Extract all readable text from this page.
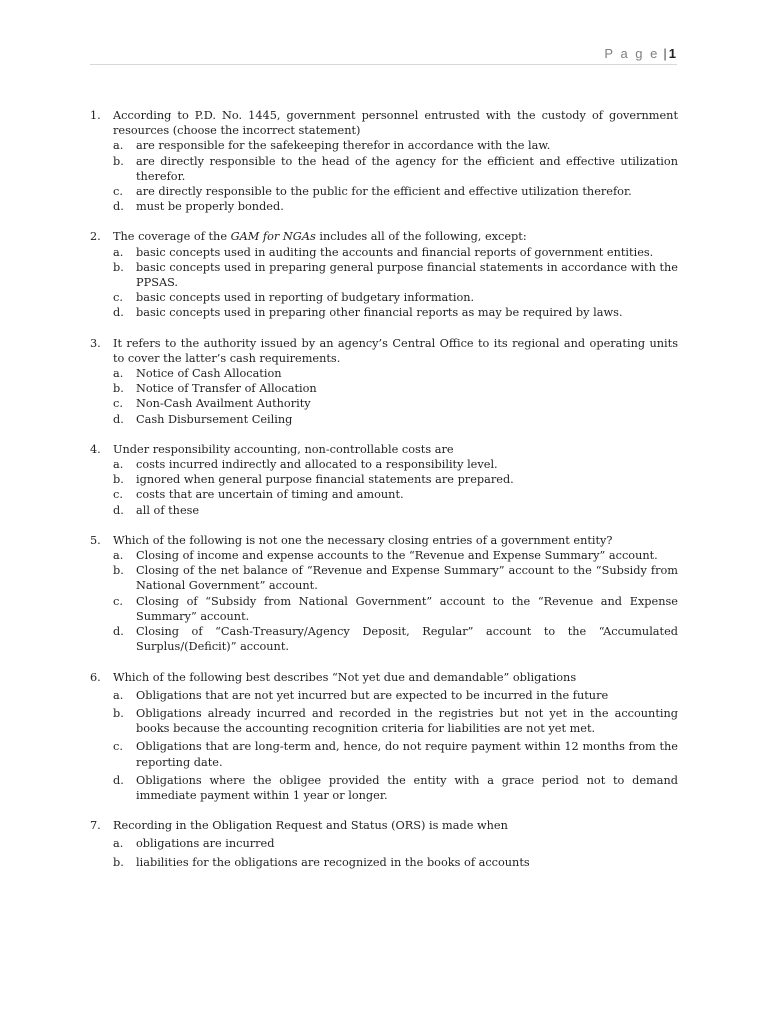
P a g e | 1
1.	According to P.D. No. 1445, government personnel entrusted with the custody of government resources (choose the incorrect statement)
a.	are responsible for the safekeeping therefor in accordance with the law.
b.	are directly responsible to the head of the agency for the efficient and effective utilization therefor.
c.	are directly responsible to the public for the efficient and effective utilization therefor.
d.	must be properly bonded.
2.	The coverage of the GAM for NGAs includes all of the following, except:
a.	basic concepts used in auditing the accounts and financial reports of government entities.
b.	basic concepts used in preparing general purpose financial statements in accordance with the PPSAS.
c.	basic concepts used in reporting of budgetary information.
d.	basic concepts used in preparing other financial reports as may be required by laws.
3.	It refers to the authority issued by an agency’s Central Office to its regional and operating units to cover the latter’s cash requirements.
a.	Notice of Cash Allocation
b.	Notice of Transfer of Allocation
c.	Non-Cash Availment Authority
d.	Cash Disbursement Ceiling
4.	Under responsibility accounting, non-controllable costs are
a.	costs incurred indirectly and allocated to a responsibility level.
b.	ignored when general purpose financial statements are prepared.
c.	costs that are uncertain of timing and amount.
d.	all of these
5.	Which of the following is not one the necessary closing entries of a government entity?
a.	Closing of income and expense accounts to the “Revenue and Expense Summary” account.
b.	Closing of the net balance of “Revenue and Expense Summary” account to the “Subsidy from National Government” account.
c.	Closing of “Subsidy from National Government” account to the “Revenue and Expense Summary” account.
d.	Closing of “Cash-Treasury/Agency Deposit, Regular” account to the “Accumulated Surplus/(Deficit)” account.
6.	Which of the following best describes “Not yet due and demandable” obligations
a.	Obligations that are not yet incurred but are expected to be incurred in the future
b.	Obligations already incurred and recorded in the registries but not yet in the accounting books because the accounting recognition criteria for liabilities are not yet met.
c.	Obligations that are long-term and, hence, do not require payment within 12 months from the reporting date.
d.	Obligations where the obligee provided the entity with a grace period not to demand immediate payment within 1 year or longer.
7.	Recording in the Obligation Request and Status (ORS) is made when
a.	obligations are incurred
b.	liabilities for the obligations are recognized in the books of accounts
